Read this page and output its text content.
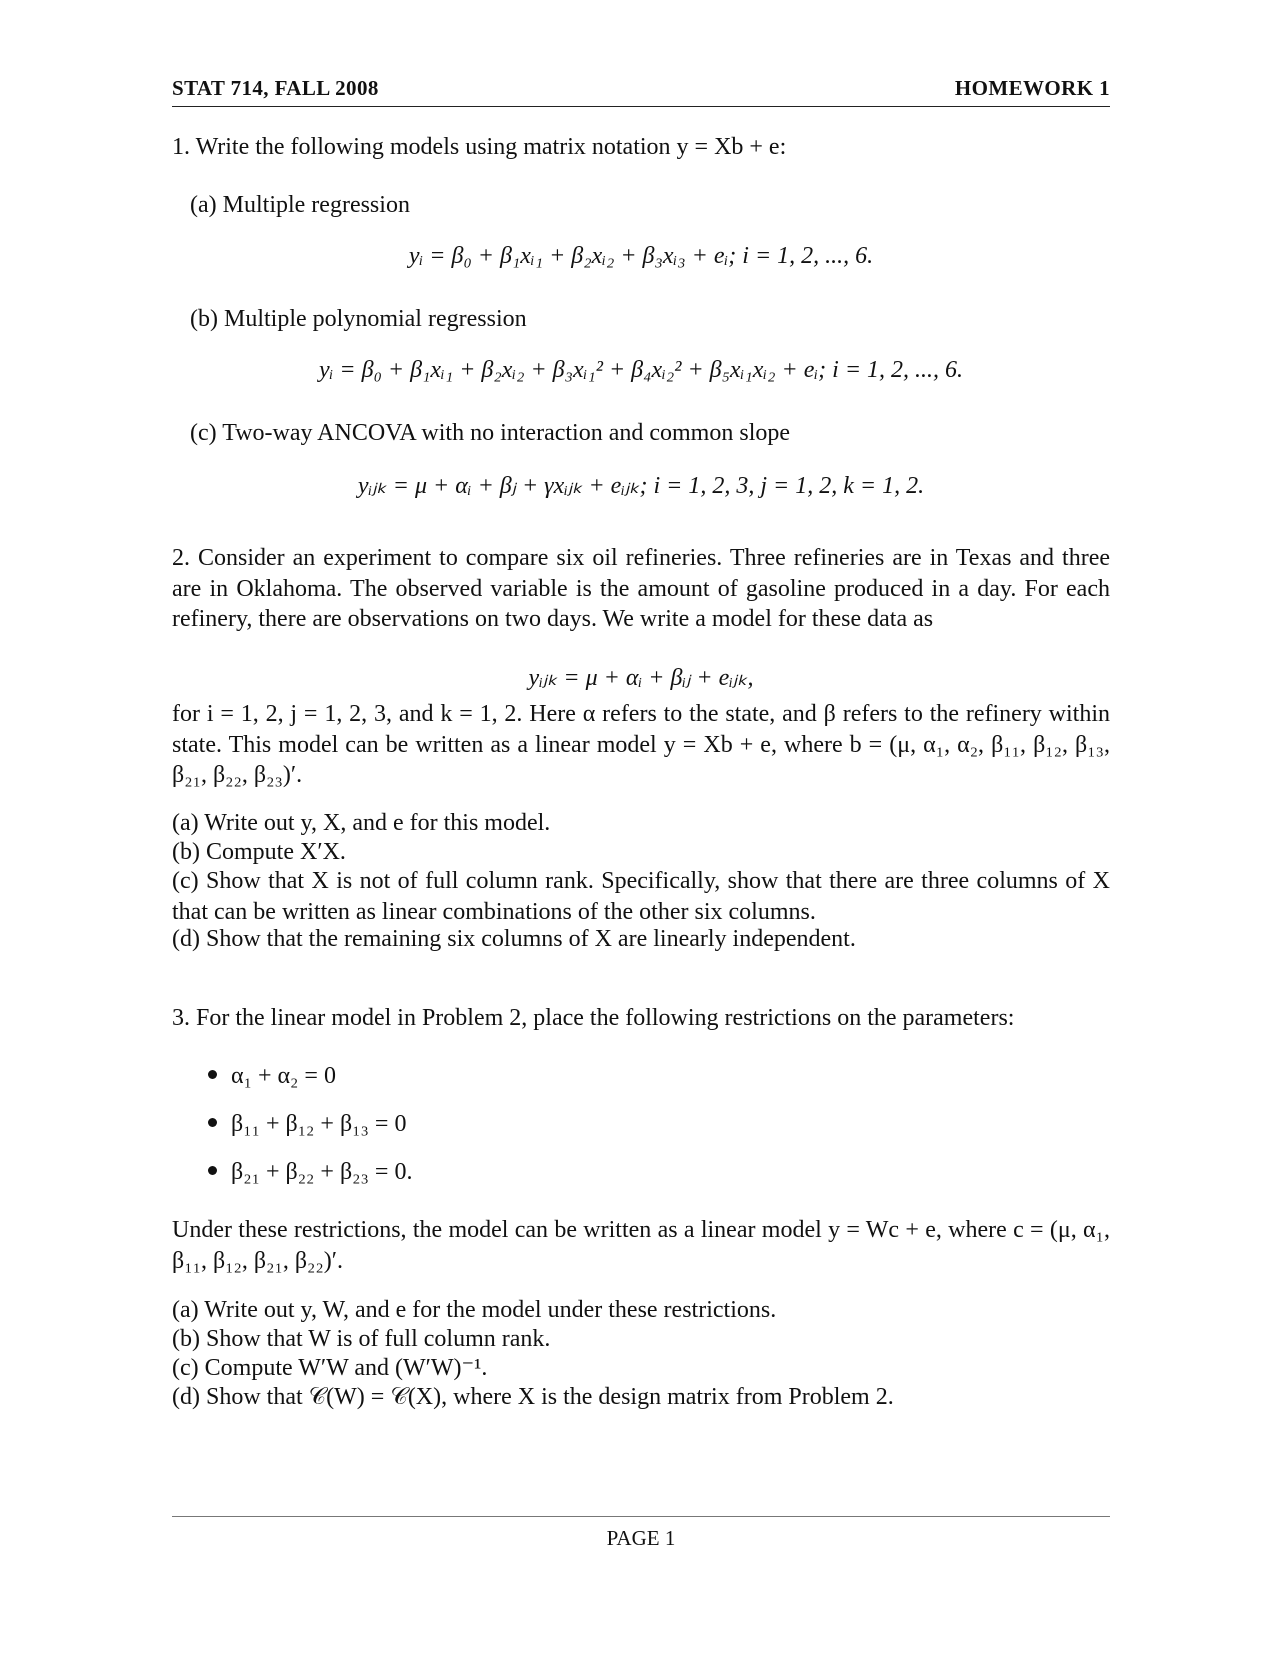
STAT 714, FALL 2008	HOMEWORK 1
1. Write the following models using matrix notation y = Xb + e:
(a) Multiple regression
yᵢ = β₀ + β₁xᵢ₁ + β₂xᵢ₂ + β₃xᵢ₃ + eᵢ; i = 1, 2, ..., 6.
(b) Multiple polynomial regression
yᵢ = β₀ + β₁xᵢ₁ + β₂xᵢ₂ + β₃xᵢ₁² + β₄xᵢ₂² + β₅xᵢ₁xᵢ₂ + eᵢ; i = 1, 2, ..., 6.
(c) Two-way ANCOVA with no interaction and common slope
yᵢⱼₖ = μ + αᵢ + βⱼ + γxᵢⱼₖ + eᵢⱼₖ; i = 1, 2, 3, j = 1, 2, k = 1, 2.
2. Consider an experiment to compare six oil refineries. Three refineries are in Texas and three are in Oklahoma. The observed variable is the amount of gasoline produced in a day. For each refinery, there are observations on two days. We write a model for these data as
yᵢⱼₖ = μ + αᵢ + βᵢⱼ + eᵢⱼₖ,
for i = 1, 2, j = 1, 2, 3, and k = 1, 2. Here α refers to the state, and β refers to the refinery within state. This model can be written as a linear model y = Xb + e, where b = (μ, α₁, α₂, β₁₁, β₁₂, β₁₃, β₂₁, β₂₂, β₂₃)′.
(a) Write out y, X, and e for this model.
(b) Compute X′X.
(c) Show that X is not of full column rank. Specifically, show that there are three columns of X that can be written as linear combinations of the other six columns.
(d) Show that the remaining six columns of X are linearly independent.
3. For the linear model in Problem 2, place the following restrictions on the parameters:
α₁ + α₂ = 0
β₁₁ + β₁₂ + β₁₃ = 0
β₂₁ + β₂₂ + β₂₃ = 0.
Under these restrictions, the model can be written as a linear model y = Wc + e, where c = (μ, α₁, β₁₁, β₁₂, β₂₁, β₂₂)′.
(a) Write out y, W, and e for the model under these restrictions.
(b) Show that W is of full column rank.
(c) Compute W′W and (W′W)⁻¹.
(d) Show that 𝒞(W) = 𝒞(X), where X is the design matrix from Problem 2.
PAGE 1
